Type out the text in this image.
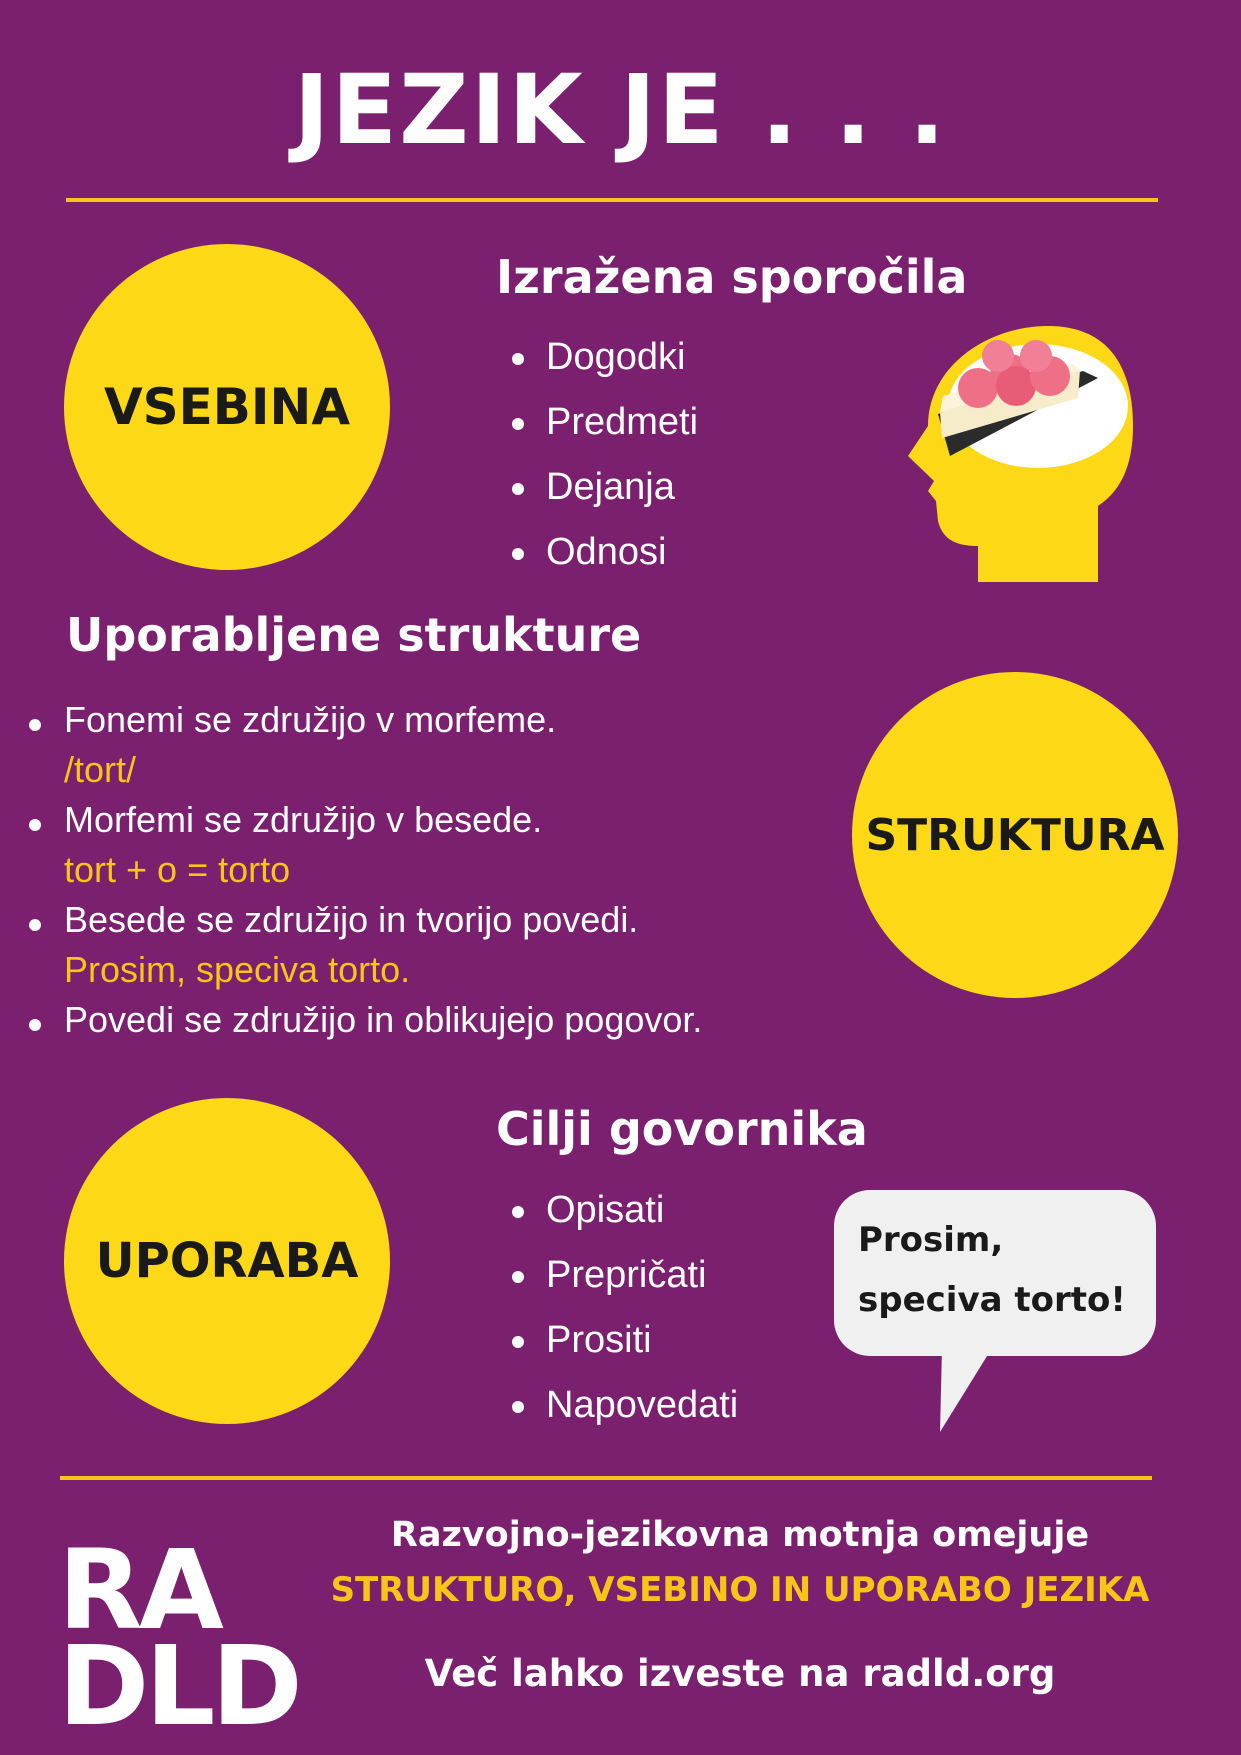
JEZIK JE . . .
VSEBINA
Izražena sporočila
Dogodki
Predmeti
Dejanja
Odnosi
Uporabljene strukture
Fonemi se združijo v morfeme.
/tort/
Morfemi se združijo v besede.
tort + o = torto
Besede se združijo in tvorijo povedi.
Prosim, speciva torto.
Povedi se združijo in oblikujejo pogovor.
STRUKTURA
UPORABA
Cilji govornika
Opisati
Prepričati
Prositi
Napovedati
Prosim,
speciva torto!
RA
DLD
Razvojno-jezikovna motnja omejuje
STRUKTURO, VSEBINO IN UPORABO JEZIKA
Več lahko izveste na radld.org
